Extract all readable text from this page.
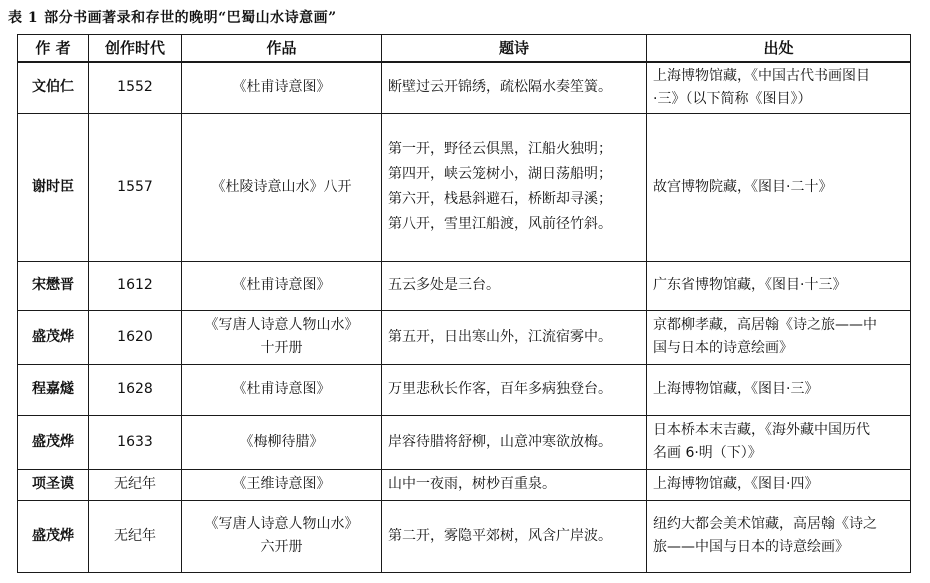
表 1 部分书画著录和存世的晚明“巴蜀山水诗意画”
作 者	创作时代	作品	题诗	出处
文伯仁	1552	《杜甫诗意图》	断壁过云开锦绣，疏松隔水奏笙簧。	上海博物馆藏，《中国古代书画图目
·三》（以下简称《图目》）

谢时臣	1557	《杜陵诗意山水》八开	第一开，野径云俱黑，江船火独明；
第四开，峡云笼树小，湖日荡船明；
第六开，栈悬斜避石，桥断却寻溪；
第八开，雪里江船渡，风前径竹斜。	故宫博物院藏，《图目·二十》

宋懋晋	1612	《杜甫诗意图》	五云多处是三台。	广东省博物馆藏，《图目·十三》

盛茂烨	1620	《写唐人诗意人物山水》
十开册	第五开，日出寒山外，江流宿雾中。	京都柳孝藏，高居翰《诗之旅——中
国与日本的诗意绘画》

程嘉燧	1628	《杜甫诗意图》	万里悲秋长作客，百年多病独登台。	上海博物馆藏，《图目·三》

盛茂烨	1633	《梅柳待腊》	岸容待腊将舒柳，山意冲寒欲放梅。	日本桥本末吉藏，《海外藏中国历代
名画 6·明（下）》

项圣谟	无纪年	《王维诗意图》	山中一夜雨，树杪百重泉。	上海博物馆藏，《图目·四》

盛茂烨	无纪年	《写唐人诗意人物山水》
六开册	第二开，雾隐平郊树，风含广岸波。	纽约大都会美术馆藏，高居翰《诗之
旅——中国与日本的诗意绘画》
